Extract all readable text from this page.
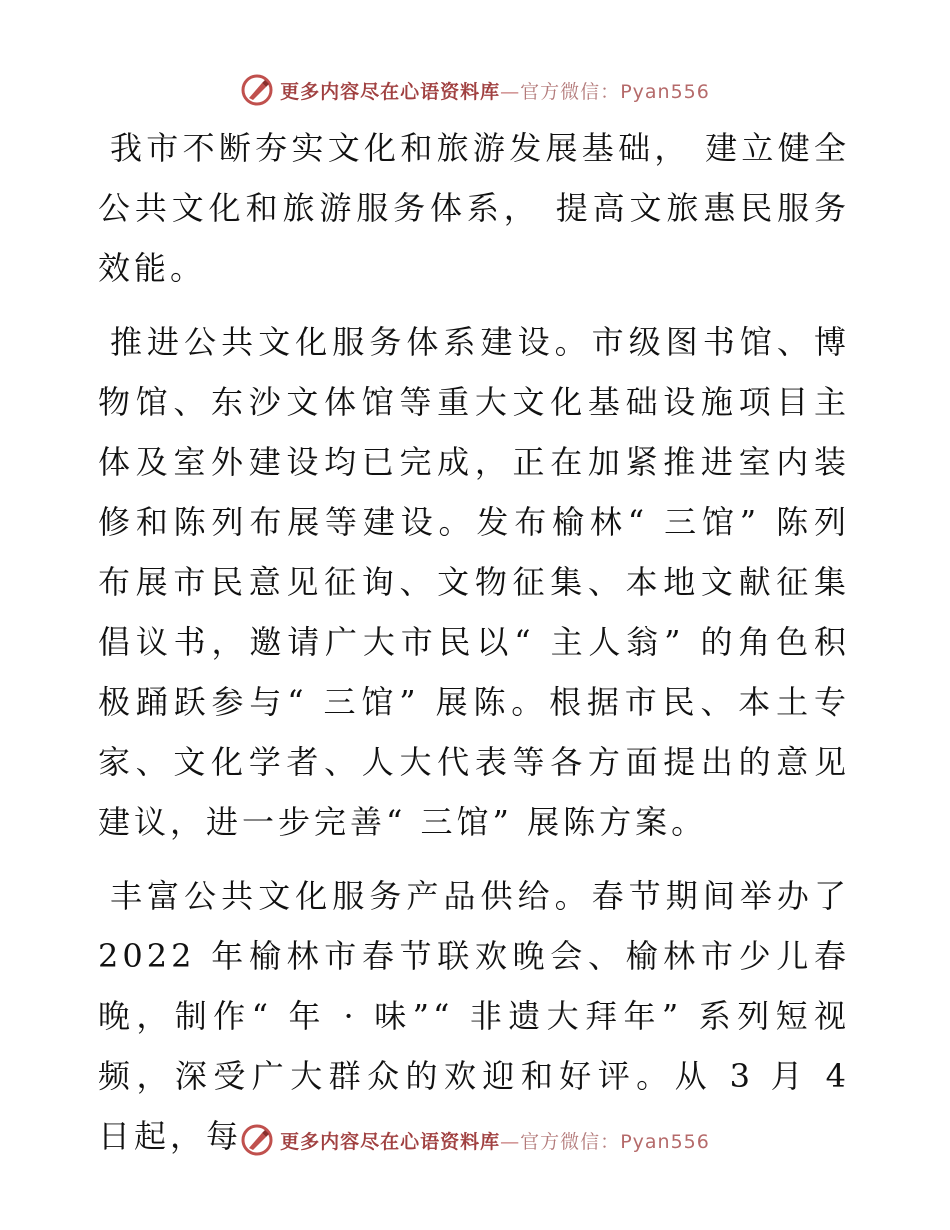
更多内容尽在心语资料库—官方微信：Pyan556

我市不断夯实文化和旅游发展基础， 建立健全公共文化和旅游服务体系， 提高文旅惠民服务效能。

推进公共文化服务体系建设。市级图书馆、博物馆、东沙文体馆等重大文化基础设施项目主体及室外建设均已完成，正在加紧推进室内装修和陈列布展等建设。发布榆林“ 三馆” 陈列布展市民意见征询、文物征集、本地文献征集倡议书，邀请广大市民以“ 主人翁” 的角色积极踊跃参与“ 三馆” 展陈。根据市民、本土专家、文化学者、人大代表等各方面提出的意见建议，进一步完善“ 三馆” 展陈方案。

丰富公共文化服务产品供给。春节期间举办了 2022 年榆林市春节联欢晚会、榆林市少儿春晚，制作“ 年 · 味”“ 非遗大拜年” 系列短视频，深受广大群众的欢迎和好评。从 3 月 4 日起，每	更多内容尽在心语资料库—官方微信：Pyan556
